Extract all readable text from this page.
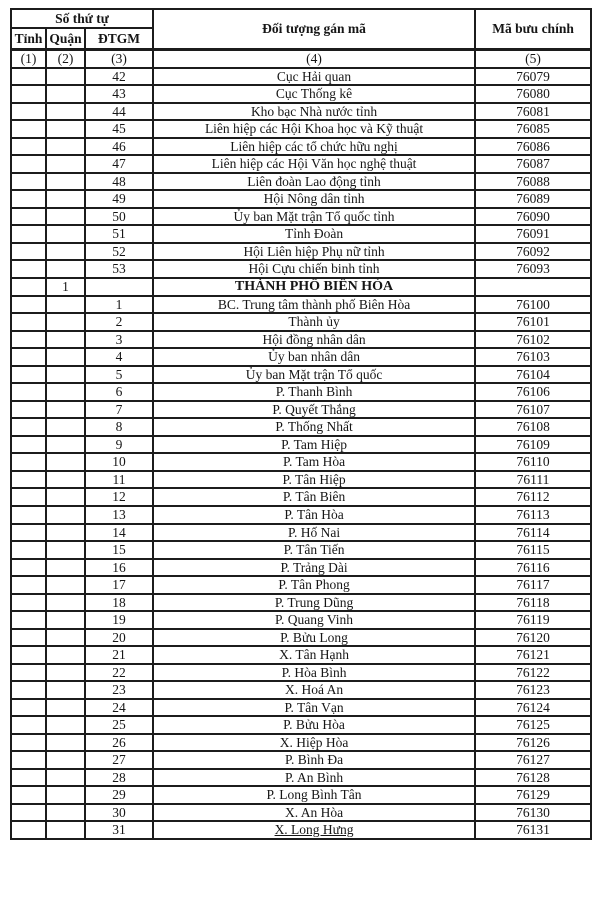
Số thứ tự			Đối tượng gán mã	Mã bưu chính
Tỉnh	Quận	ĐTGM		
(1)	(2)	(3)	(4)	(5)
		42	Cục Hải quan	76079
		43	Cục Thống kê	76080
		44	Kho bạc Nhà nước tỉnh	76081
		45	Liên hiệp các Hội Khoa học và Kỹ thuật	76085
		46	Liên hiệp các tổ chức hữu nghị	76086
		47	Liên hiệp các Hội Văn học nghệ thuật	76087
		48	Liên đoàn Lao động tỉnh	76088
		49	Hội Nông dân tỉnh	76089
		50	Ủy ban Mặt trận Tổ quốc tỉnh	76090
		51	Tỉnh Đoàn	76091
		52	Hội Liên hiệp Phụ nữ tỉnh	76092
		53	Hội Cựu chiến binh tỉnh	76093
	1		THÀNH PHỐ BIÊN HÒA	
		1	BC. Trung tâm thành phố Biên Hòa	76100
		2	Thành ủy	76101
		3	Hội đồng nhân dân	76102
		4	Ủy ban nhân dân	76103
		5	Ủy ban Mặt trận Tổ quốc	76104
		6	P. Thanh Bình	76106
		7	P. Quyết Thắng	76107
		8	P. Thống Nhất	76108
		9	P. Tam Hiệp	76109
		10	P. Tam Hòa	76110
		11	P. Tân Hiệp	76111
		12	P. Tân Biên	76112
		13	P. Tân Hòa	76113
		14	P. Hố Nai	76114
		15	P. Tân Tiến	76115
		16	P. Trảng Dài	76116
		17	P. Tân Phong	76117
		18	P. Trung Dũng	76118
		19	P. Quang Vinh	76119
		20	P. Bửu Long	76120
		21	X. Tân Hạnh	76121
		22	P. Hòa Bình	76122
		23	X. Hoá An	76123
		24	P. Tân Vạn	76124
		25	P. Bửu Hòa	76125
		26	X. Hiệp Hòa	76126
		27	P. Bình Đa	76127
		28	P. An Bình	76128
		29	P. Long Bình Tân	76129
		30	X. An Hòa	76130
		31	X. Long Hưng	76131
